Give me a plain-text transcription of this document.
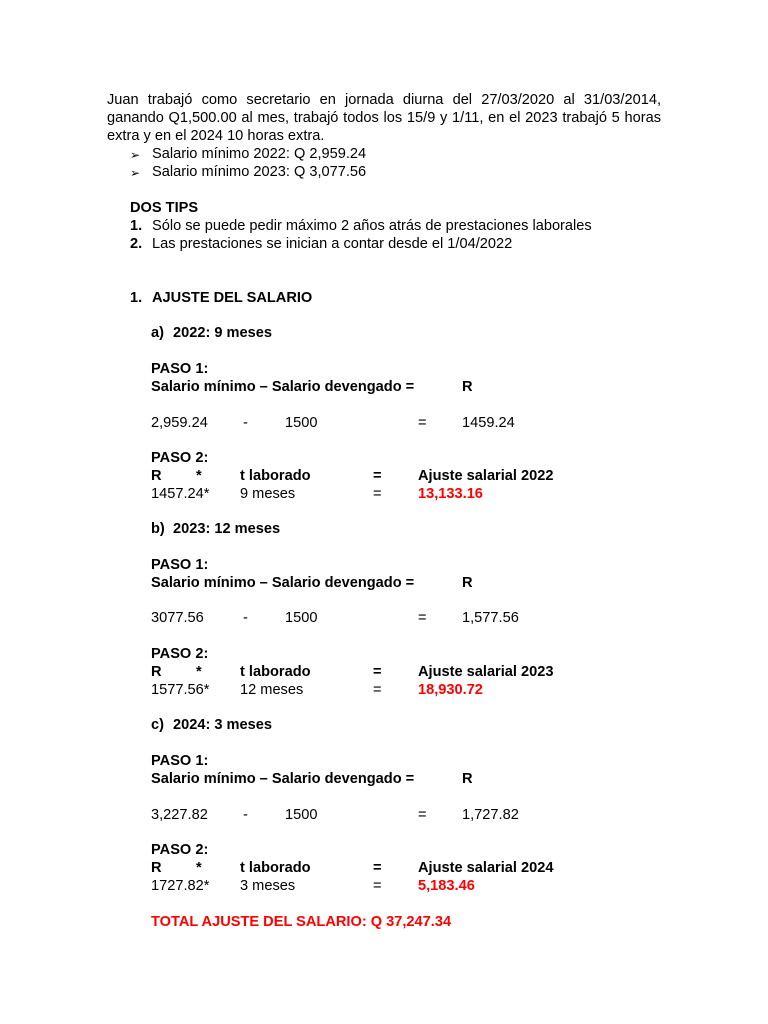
Juan trabajó como secretario en jornada diurna del 27/03/2020 al 31/03/2014,
ganando Q1,500.00 al mes, trabajó todos los 15/9 y 1/11, en el 2023 trabajó 5 horas
extra y en el 2024 10 horas extra.
➢ Salario mínimo 2022: Q 2,959.24
➢ Salario mínimo 2023: Q 3,077.56
DOS TIPS
1. Sólo se puede pedir máximo 2 años atrás de prestaciones laborales
2. Las prestaciones se inician a contar desde el 1/04/2022
1. AJUSTE DEL SALARIO
a) 2022: 9 meses
PASO 1:
Salario mínimo – Salario devengado =	R
2,959.24 -	1500	= 1459.24
PASO 2:
R *	t laborado	= Ajuste salarial 2022
1457.24* 9 meses	= 13,133.16
b) 2023: 12 meses
PASO 1:
Salario mínimo – Salario devengado =	R
3077.56	-	1500	= 1,577.56
PASO 2:
R *	t laborado	= Ajuste salarial 2023
1577.56* 12 meses	= 18,930.72
c) 2024: 3 meses
PASO 1:
Salario mínimo – Salario devengado =	R
3,227.82 -	1500	= 1,727.82
PASO 2:
R *	t laborado	= Ajuste salarial 2024
1727.82* 3 meses	= 5,183.46
TOTAL AJUSTE DEL SALARIO: Q 37,247.34
